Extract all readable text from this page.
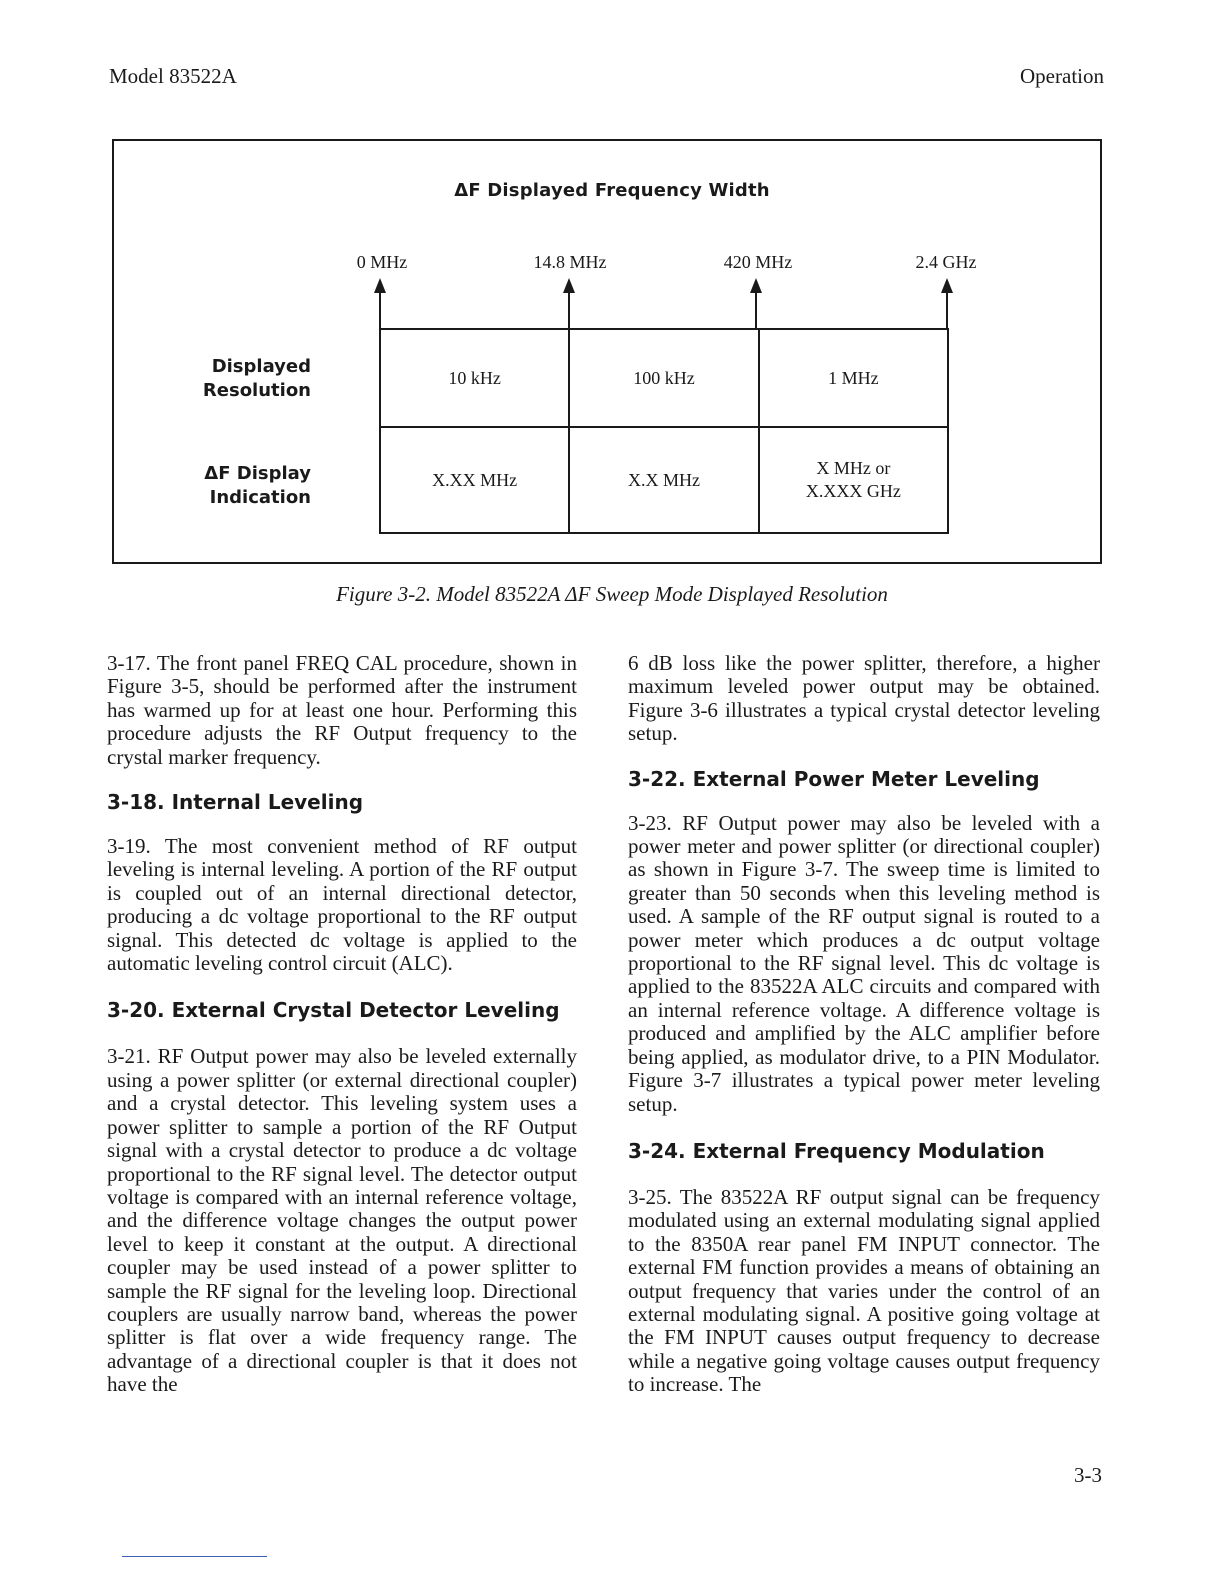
Model 83522A	Operation
ΔF Displayed Frequency Width
0 MHz	14.8 MHz	420 MHz	2.4 GHz
Displayed
Resolution
ΔF Display
Indication
10 kHz	100 kHz	1 MHz
X.XX MHz	X.X MHz	X MHz or
X.XXX GHz
Figure 3-2. Model 83522A ΔF Sweep Mode Displayed Resolution

3-17. The front panel FREQ CAL procedure, shown in Figure 3-5, should be performed after the instrument has warmed up for at least one hour. Performing this procedure adjusts the RF Output frequency to the crystal marker frequency.

3-18. Internal Leveling

3-19. The most convenient method of RF output leveling is internal leveling. A portion of the RF output is coupled out of an internal directional detector, producing a dc voltage proportional to the RF output signal. This detected dc voltage is applied to the automatic leveling control circuit (ALC).

3-20. External Crystal Detector Leveling

3-21. RF Output power may also be leveled externally using a power splitter (or external directional coupler) and a crystal detector. This leveling system uses a power splitter to sample a portion of the RF Output signal with a crystal detector to produce a dc voltage proportional to the RF signal level. The detector output voltage is compared with an internal reference voltage, and the difference voltage changes the output power level to keep it constant at the output. A directional coupler may be used instead of a power splitter to sample the RF signal for the leveling loop. Directional couplers are usually narrow band, whereas the power splitter is flat over a wide frequency range. The advantage of a directional coupler is that it does not have the

6 dB loss like the power splitter, therefore, a higher maximum leveled power output may be obtained. Figure 3-6 illustrates a typical crystal detector leveling setup.

3-22. External Power Meter Leveling

3-23. RF Output power may also be leveled with a power meter and power splitter (or directional coupler) as shown in Figure 3-7. The sweep time is limited to greater than 50 seconds when this leveling method is used. A sample of the RF output signal is routed to a power meter which produces a dc output voltage proportional to the RF signal level. This dc voltage is applied to the 83522A ALC circuits and compared with an internal reference voltage. A difference voltage is produced and amplified by the ALC amplifier before being applied, as modulator drive, to a PIN Modulator. Figure 3-7 illustrates a typical power meter leveling setup.

3-24. External Frequency Modulation

3-25. The 83522A RF output signal can be frequency modulated using an external modulating signal applied to the 8350A rear panel FM INPUT connector. The external FM function provides a means of obtaining an output frequency that varies under the control of an external modulating signal. A positive going voltage at the FM INPUT causes output frequency to decrease while a negative going voltage causes output frequency to increase. The

3-3
